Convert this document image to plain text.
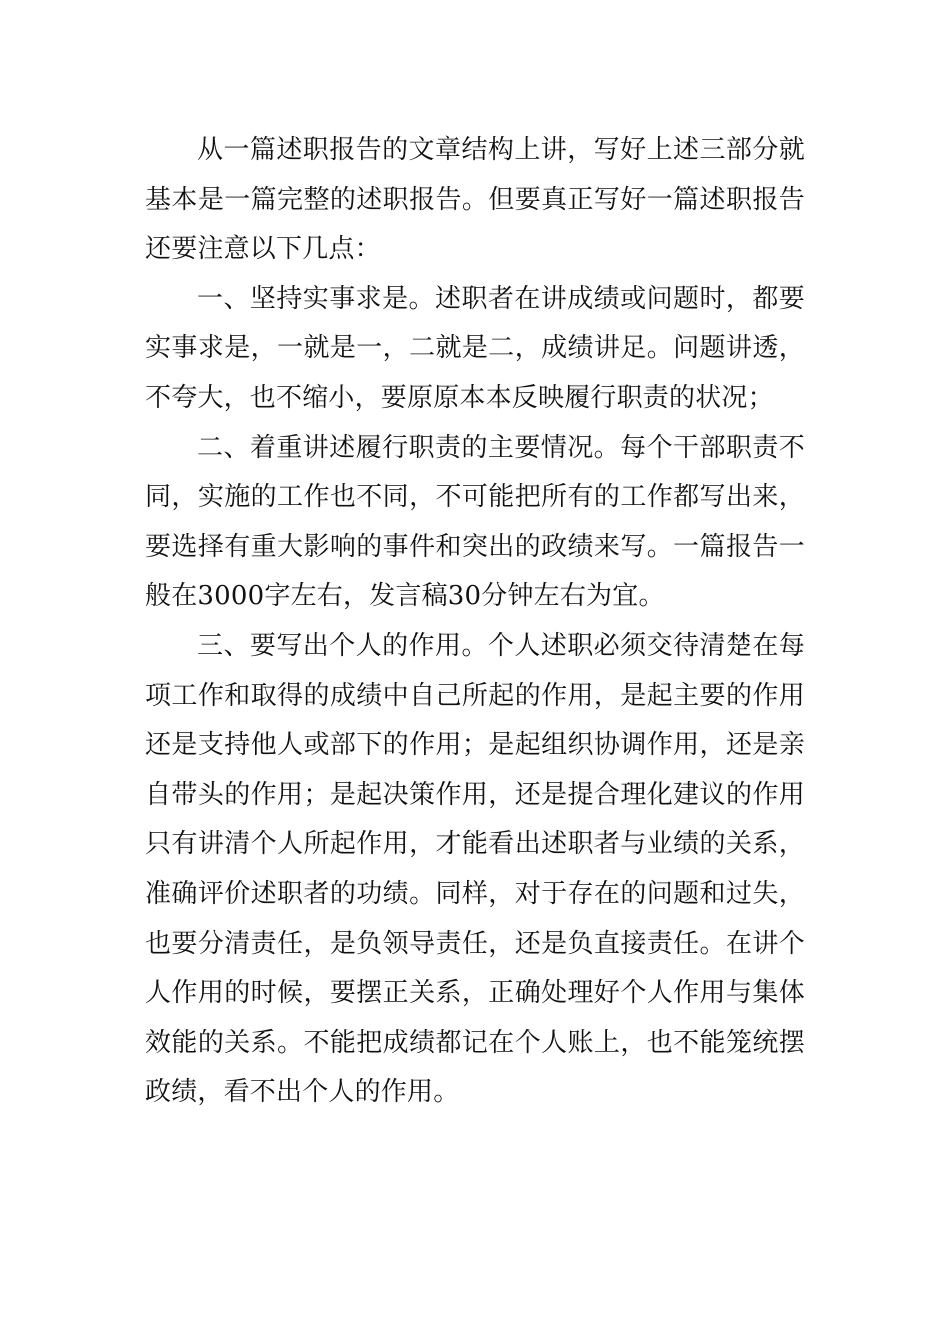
从一篇述职报告的文章结构上讲，写好上述三部分就基本是一篇完整的述职报告。但要真正写好一篇述职报告还要注意以下几点：

一、坚持实事求是。述职者在讲成绩或问题时，都要实事求是，一就是一，二就是二，成绩讲足。问题讲透，不夸大，也不缩小，要原原本本反映履行职责的状况；

二、着重讲述履行职责的主要情况。每个干部职责不同，实施的工作也不同，不可能把所有的工作都写出来，要选择有重大影响的事件和突出的政绩来写。一篇报告一般在3000字左右，发言稿30分钟左右为宜。

三、要写出个人的作用。个人述职必须交待清楚在每项工作和取得的成绩中自己所起的作用，是起主要的作用还是支持他人或部下的作用；是起组织协调作用，还是亲自带头的作用；是起决策作用，还是提合理化建议的作用只有讲清个人所起作用，才能看出述职者与业绩的关系，准确评价述职者的功绩。同样，对于存在的问题和过失，也要分清责任，是负领导责任，还是负直接责任。在讲个人作用的时候，要摆正关系，正确处理好个人作用与集体效能的关系。不能把成绩都记在个人账上，也不能笼统摆政绩，看不出个人的作用。
